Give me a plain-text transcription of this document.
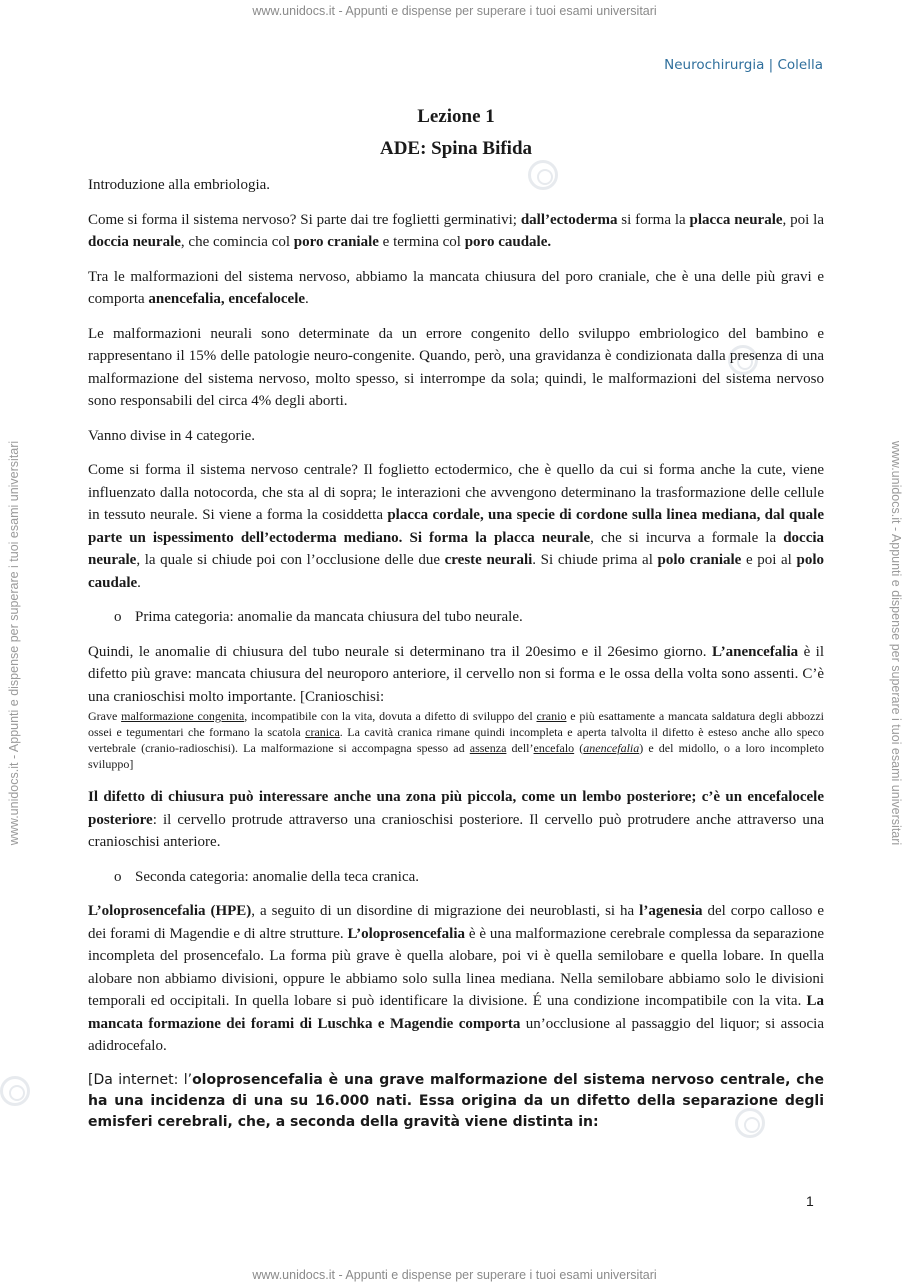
www.unidocs.it - Appunti e dispense per superare i tuoi esami universitari
www.unidocs.it - Appunti e dispense per superare i tuoi esami universitari
www.unidocs.it - Appunti e dispense per superare i tuoi esami universitari	www.unidocs.it - Appunti e dispense per superare i tuoi esami universitari
Neurochirurgia | Colella
Lezione 1
ADE: Spina Bifida

Introduzione alla embriologia.

Come si forma il sistema nervoso? Si parte dai tre foglietti germinativi; dall’ectoderma si forma la placca neurale, poi la doccia neurale, che comincia col poro craniale e termina col poro caudale.

Tra le malformazioni del sistema nervoso, abbiamo la mancata chiusura del poro craniale, che è una delle più gravi e comporta anencefalia, encefalocele.

Le malformazioni neurali sono determinate da un errore congenito dello sviluppo embriologico del bambino e rappresentano il 15% delle patologie neuro-congenite. Quando, però, una gravidanza è condizionata dalla presenza di una malformazione del sistema nervoso, molto spesso, si interrompe da sola; quindi, le malformazioni del sistema nervoso sono responsabili del circa 4% degli aborti.

Vanno divise in 4 categorie.

Come si forma il sistema nervoso centrale? Il foglietto ectodermico, che è quello da cui si forma anche la cute, viene influenzato dalla notocorda, che sta al di sopra; le interazioni che avvengono determinano la trasformazione delle cellule in tessuto neurale. Si viene a forma la cosiddetta placca cordale, una specie di cordone sulla linea mediana, dal quale parte un ispessimento dell’ectoderma mediano. Si forma la placca neurale, che si incurva a formale la doccia neurale, la quale si chiude poi con l’occlusione delle due creste neurali. Si chiude prima al polo craniale e poi al polo caudale.

o Prima categoria: anomalie da mancata chiusura del tubo neurale.

Quindi, le anomalie di chiusura del tubo neurale si determinano tra il 20esimo e il 26esimo giorno. L’anencefalia è il difetto più grave: mancata chiusura del neuroporo anteriore, il cervello non si forma e le ossa della volta sono assenti. C’è una cranioschisi molto importante. [Cranioschisi:

Grave malformazione congenita, incompatibile con la vita, dovuta a difetto di sviluppo del cranio e più esattamente a mancata saldatura degli abbozzi ossei e tegumentari che formano la scatola cranica. La cavità cranica rimane quindi incompleta e aperta talvolta il difetto è esteso anche allo speco vertebrale (cranio-radioschisi). La malformazione si accompagna spesso ad assenza dell’encefalo (anencefalia) e del midollo, o a loro incompleto sviluppo]

Il difetto di chiusura può interessare anche una zona più piccola, come un lembo posteriore; c’è un encefalocele posteriore: il cervello protrude attraverso una cranioschisi posteriore. Il cervello può protrudere anche attraverso una cranioschisi anteriore.

o Seconda categoria: anomalie della teca cranica.

L’oloprosencefalia (HPE), a seguito di un disordine di migrazione dei neuroblasti, si ha l’agenesia del corpo calloso e dei forami di Magendie e di altre strutture. L’oloprosencefalia è è una malformazione cerebrale complessa da separazione incompleta del prosencefalo. La forma più grave è quella alobare, poi vi è quella semilobare e quella lobare. In quella alobare non abbiamo divisioni, oppure le abbiamo solo sulla linea mediana. Nella semilobare abbiamo solo le divisioni temporali ed occipitali. In quella lobare si può identificare la divisione. É una condizione incompatibile con la vita. La mancata formazione dei forami di Luschka e Magendie comporta un’occlusione al passaggio del liquor; si associa adidrocefalo.

[Da internet: l’oloprosencefalia è una grave malformazione del sistema nervoso centrale, che ha una incidenza di una su 16.000 nati. Essa origina da un difetto della separazione degli emisferi cerebrali, che, a seconda della gravità viene distinta in:

1
